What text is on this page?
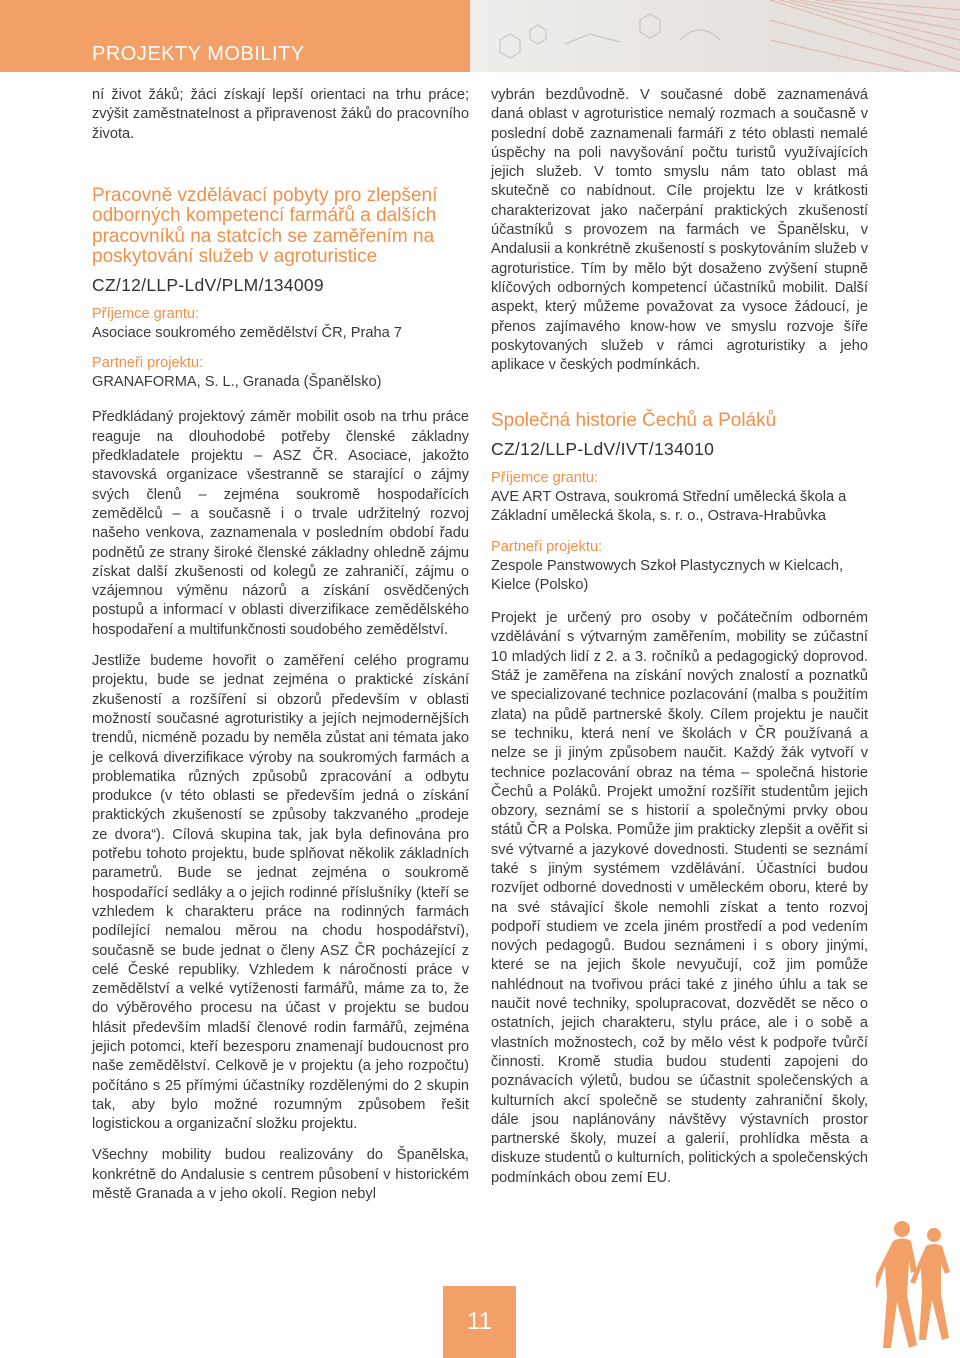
PROJEKTY MOBILITY

ní život žáků; žáci získají lepší orientaci na trhu práce; zvýšit zaměstnatelnost a připravenost žáků do pracovního života.

Pracovně vzdělávací pobyty pro zlepšení odborných kompetencí farmářů a dalších pracovníků na statcích se zaměřením na poskytování služeb v agroturistice
CZ/12/LLP-LdV/PLM/134009
Příjemce grantu:
Asociace soukromého zemědělství ČR, Praha 7
Partneři projektu:
GRANAFORMA, S. L., Granada (Španělsko)

Předkládaný projektový záměr mobilit osob na trhu práce reaguje na dlouhodobé potřeby členské základny předkladatele projektu – ASZ ČR. Asociace, jakožto stavovská organizace všestranně se starající o zájmy svých členů – zejména soukromě hospodařících zemědělců – a současně i o trvale udržitelný rozvoj našeho venkova, zaznamenala v posledním období řadu podnětů ze strany široké členské základny ohledně zájmu získat další zkušenosti od kolegů ze zahraničí, zájmu o vzájemnou výměnu názorů a získání osvědčených postupů a informací v oblasti diverzifikace zemědělského hospodaření a multifunkčnosti soudobého zemědělství.

Jestliže budeme hovořit o zaměření celého programu projektu, bude se jednat zejména o praktické získání zkušeností a rozšíření si obzorů především v oblasti možností současné agroturistiky a jejích nejmodernějších trendů, nicméně pozadu by neměla zůstat ani témata jako je celková diverzifikace výroby na soukromých farmách a problematika různých způsobů zpracování a odbytu produkce (v této oblasti se především jedná o získání praktických zkušeností se způsoby takzvaného „prodeje ze dvora“). Cílová skupina tak, jak byla definována pro potřebu tohoto projektu, bude splňovat několik základních parametrů. Bude se jednat zejména o soukromě hospodařící sedláky a o jejich rodinné příslušníky (kteří se vzhledem k charakteru práce na rodinných farmách podílející nemalou měrou na chodu hospodářství), současně se bude jednat o členy ASZ ČR pocházející z celé České republiky. Vzhledem k náročnosti práce v zemědělství a velké vytíženosti farmářů, máme za to, že do výběrového procesu na účast v projektu se budou hlásit především mladší členové rodin farmářů, zejména jejich potomci, kteří bezesporu znamenají budoucnost pro naše zemědělství. Celkově je v projektu (a jeho rozpočtu) počítáno s 25 přímými účastníky rozdělenými do 2 skupin tak, aby bylo možné rozumným způsobem řešit logistickou a organizační složku projektu.

Všechny mobility budou realizovány do Španělska, konkrétně do Andalusie s centrem působení v historickém městě Granada a v jeho okolí. Region nebyl

vybrán bezdůvodně. V současné době zaznamenává daná oblast v agroturistice nemalý rozmach a současně v poslední době zaznamenali farmáři z této oblasti nemalé úspěchy na poli navyšování počtu turistů využívajících jejich služeb. V tomto smyslu nám tato oblast má skutečně co nabídnout. Cíle projektu lze v krátkosti charakterizovat jako načerpání praktických zkušeností účastníků s provozem na farmách ve Španělsku, v Andalusii a konkrétně zkušeností s poskytováním služeb v agroturistice. Tím by mělo být dosaženo zvýšení stupně klíčových odborných kompetencí účastníků mobilit. Další aspekt, který můžeme považovat za vysoce žádoucí, je přenos zajímavého know-how ve smyslu rozvoje šíře poskytovaných služeb v rámci agroturistiky a jeho aplikace v českých podmínkách.

Společná historie Čechů a Poláků
CZ/12/LLP-LdV/IVT/134010
Příjemce grantu:
AVE ART Ostrava, soukromá Střední umělecká škola a Základní umělecká škola, s. r. o., Ostrava-Hrabůvka
Partneři projektu:
Zespole Panstwowych Szkoł Plastycznych w Kielcach, Kielce (Polsko)

Projekt je určený pro osoby v počátečním odborném vzdělávání s výtvarným zaměřením, mobility se zúčastní 10 mladých lidí z 2. a 3. ročníků a pedagogický doprovod. Stáž je zaměřena na získání nových znalostí a poznatků ve specializované technice pozlacování (malba s použitím zlata) na půdě partnerské školy. Cílem projektu je naučit se techniku, která není ve školách v ČR používaná a nelze se ji jiným způsobem naučit. Každý žák vytvoří v technice pozlacování obraz na téma – společná historie Čechů a Poláků. Projekt umožní rozšířit studentům jejich obzory, seznámí se s historií a společnými prvky obou států ČR a Polska. Pomůže jim prakticky zlepšit a ověřit si své výtvarné a jazykové dovednosti. Studenti se seznámí také s jiným systémem vzdělávání. Účastníci budou rozvíjet odborné dovednosti v uměleckém oboru, které by na své stávající škole nemohli získat a tento rozvoj podpoří studiem ve zcela jiném prostředí a pod vedením nových pedagogů. Budou seznámeni i s obory jinými, které se na jejich škole nevyučují, což jim pomůže nahlédnout na tvořivou práci také z jiného úhlu a tak se naučit nové techniky, spolupracovat, dozvědět se něco o ostatních, jejich charakteru, stylu práce, ale i o sobě a vlastních možnostech, což by mělo vést k podpoře tvůrčí činnosti. Kromě studia budou studenti zapojeni do poznávacích výletů, budou se účastnit společenských a kulturních akcí společně se studenty zahraniční školy, dále jsou naplánovány návštěvy výstavních prostor partnerské školy, muzeí a galerií, prohlídka města a diskuze studentů o kulturních, politických a společenských podmínkách obou zemí EU.

11
